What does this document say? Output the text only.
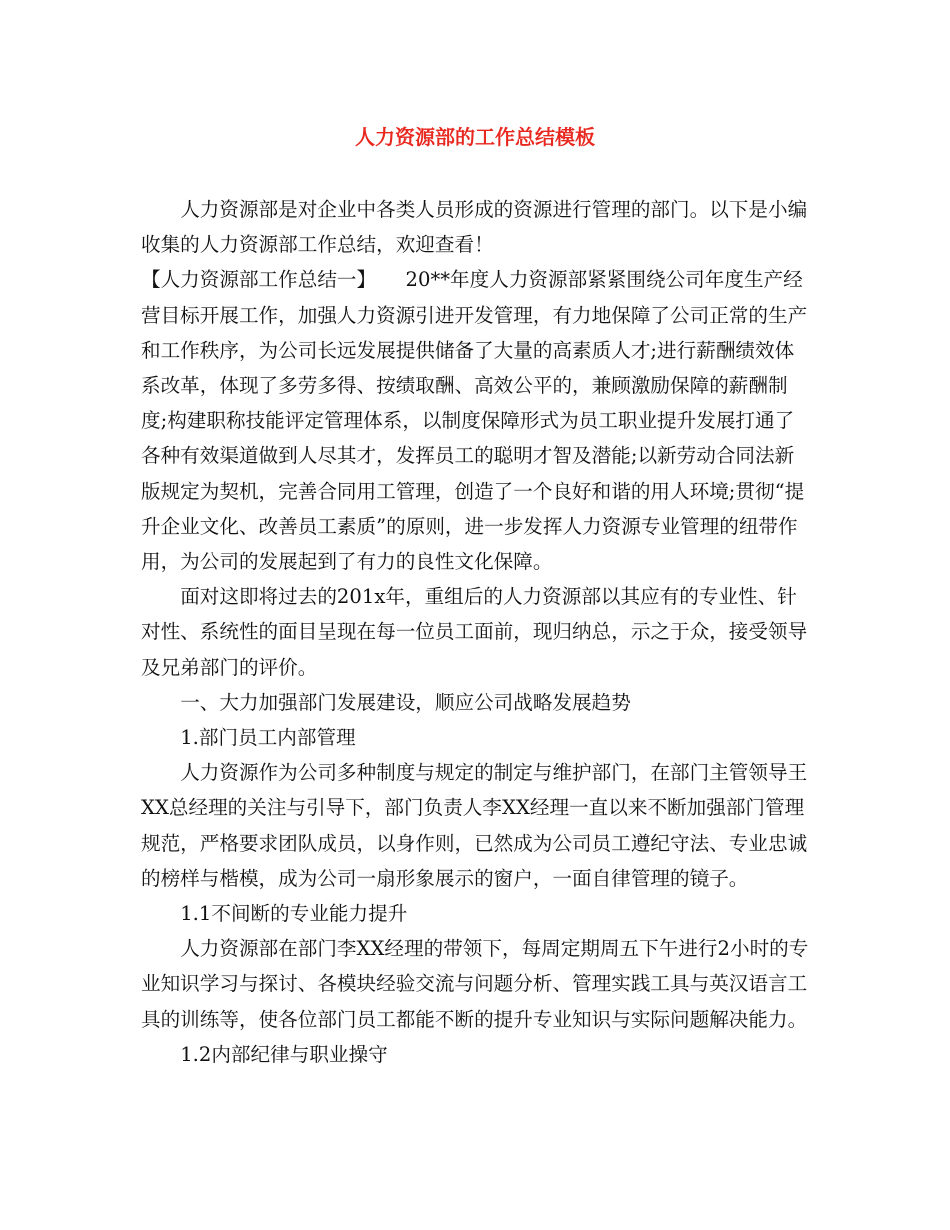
人力资源部的工作总结模板

人力资源部是对企业中各类人员形成的资源进行管理的部门。以下是小编收集的人力资源部工作总结，欢迎查看！

【人力资源部工作总结一】 20**年度人力资源部紧紧围绕公司年度生产经营目标开展工作，加强人力资源引进开发管理，有力地保障了公司正常的生产和工作秩序，为公司长远发展提供储备了大量的高素质人才;进行薪酬绩效体系改革，体现了多劳多得、按绩取酬、高效公平的，兼顾激励保障的薪酬制度;构建职称技能评定管理体系，以制度保障形式为员工职业提升发展打通了各种有效渠道做到人尽其才，发挥员工的聪明才智及潜能;以新劳动合同法新版规定为契机，完善合同用工管理，创造了一个良好和谐的用人环境;贯彻“提升企业文化、改善员工素质”的原则，进一步发挥人力资源专业管理的纽带作用，为公司的发展起到了有力的良性文化保障。

面对这即将过去的201x年，重组后的人力资源部以其应有的专业性、针对性、系统性的面目呈现在每一位员工面前，现归纳总，示之于众，接受领导及兄弟部门的评价。

一、大力加强部门发展建设，顺应公司战略发展趋势

1.部门员工内部管理

人力资源作为公司多种制度与规定的制定与维护部门，在部门主管领导王XX总经理的关注与引导下，部门负责人李XX经理一直以来不断加强部门管理规范，严格要求团队成员，以身作则，已然成为公司员工遵纪守法、专业忠诚的榜样与楷模，成为公司一扇形象展示的窗户，一面自律管理的镜子。

1.1不间断的专业能力提升

人力资源部在部门李XX经理的带领下，每周定期周五下午进行2小时的专业知识学习与探讨、各模块经验交流与问题分析、管理实践工具与英汉语言工具的训练等，使各位部门员工都能不断的提升专业知识与实际问题解决能力。

1.2内部纪律与职业操守
